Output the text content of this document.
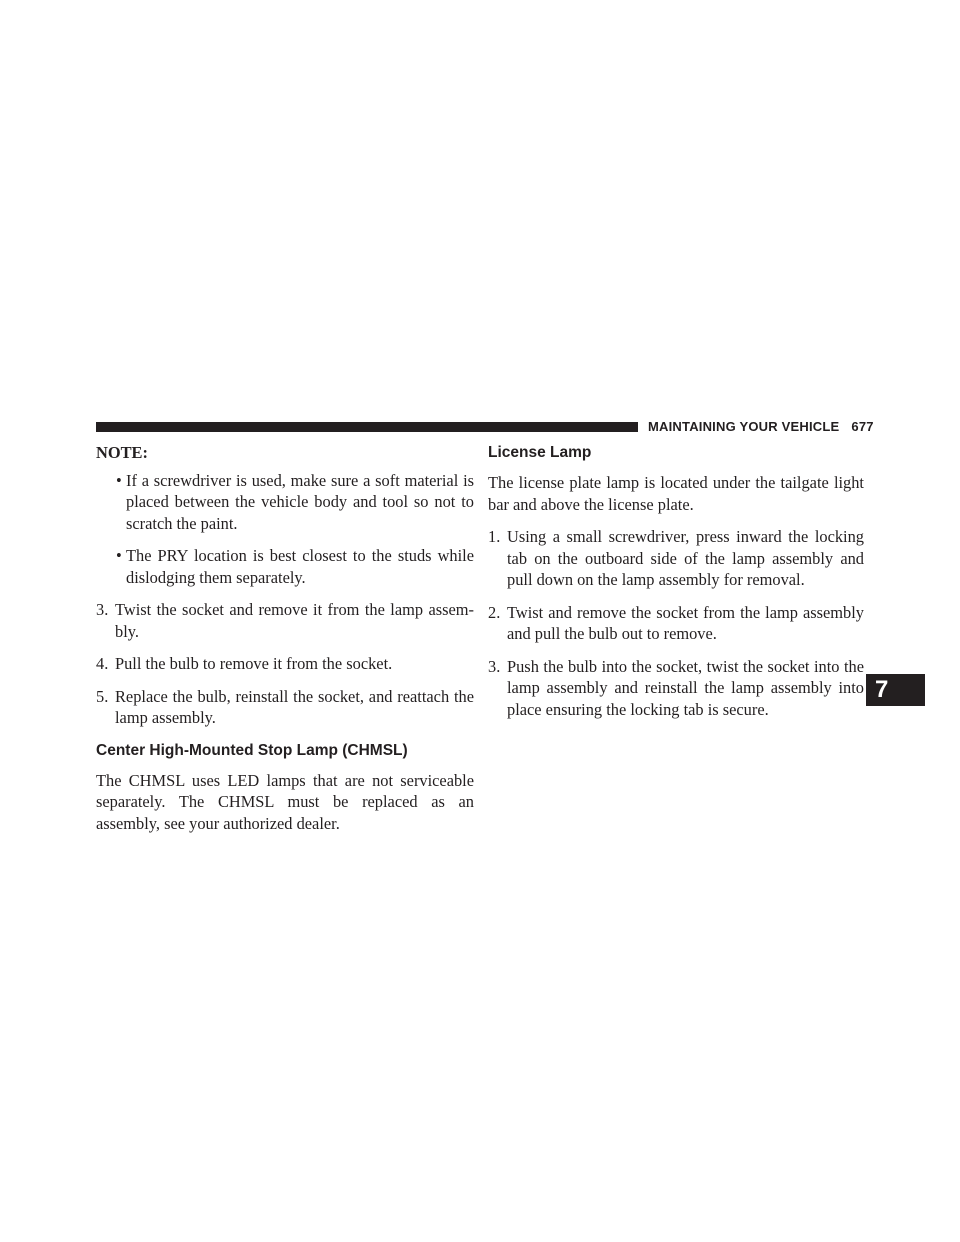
MAINTAINING YOUR VEHICLE 677
NOTE:
• If a screwdriver is used, make sure a soft material is placed between the vehicle body and tool so not to scratch the paint.
• The PRY location is best closest to the studs while dislodging them separately.
3. Twist the socket and remove it from the lamp assem- bly.
4. Pull the bulb to remove it from the socket.
5. Replace the bulb, reinstall the socket, and reattach the lamp assembly.
Center High-Mounted Stop Lamp (CHMSL)

The CHMSL uses LED lamps that are not serviceable separately. The CHMSL must be replaced as an assembly, see your authorized dealer.

License Lamp

The license plate lamp is located under the tailgate light bar and above the license plate.

1. Using a small screwdriver, press inward the locking tab on the outboard side of the lamp assembly and pull down on the lamp assembly for removal.
2. Twist and remove the socket from the lamp assembly and pull the bulb out to remove.
3. Push the bulb into the socket, twist the socket into the lamp assembly and reinstall the lamp assembly into place ensuring the locking tab is secure.
7
